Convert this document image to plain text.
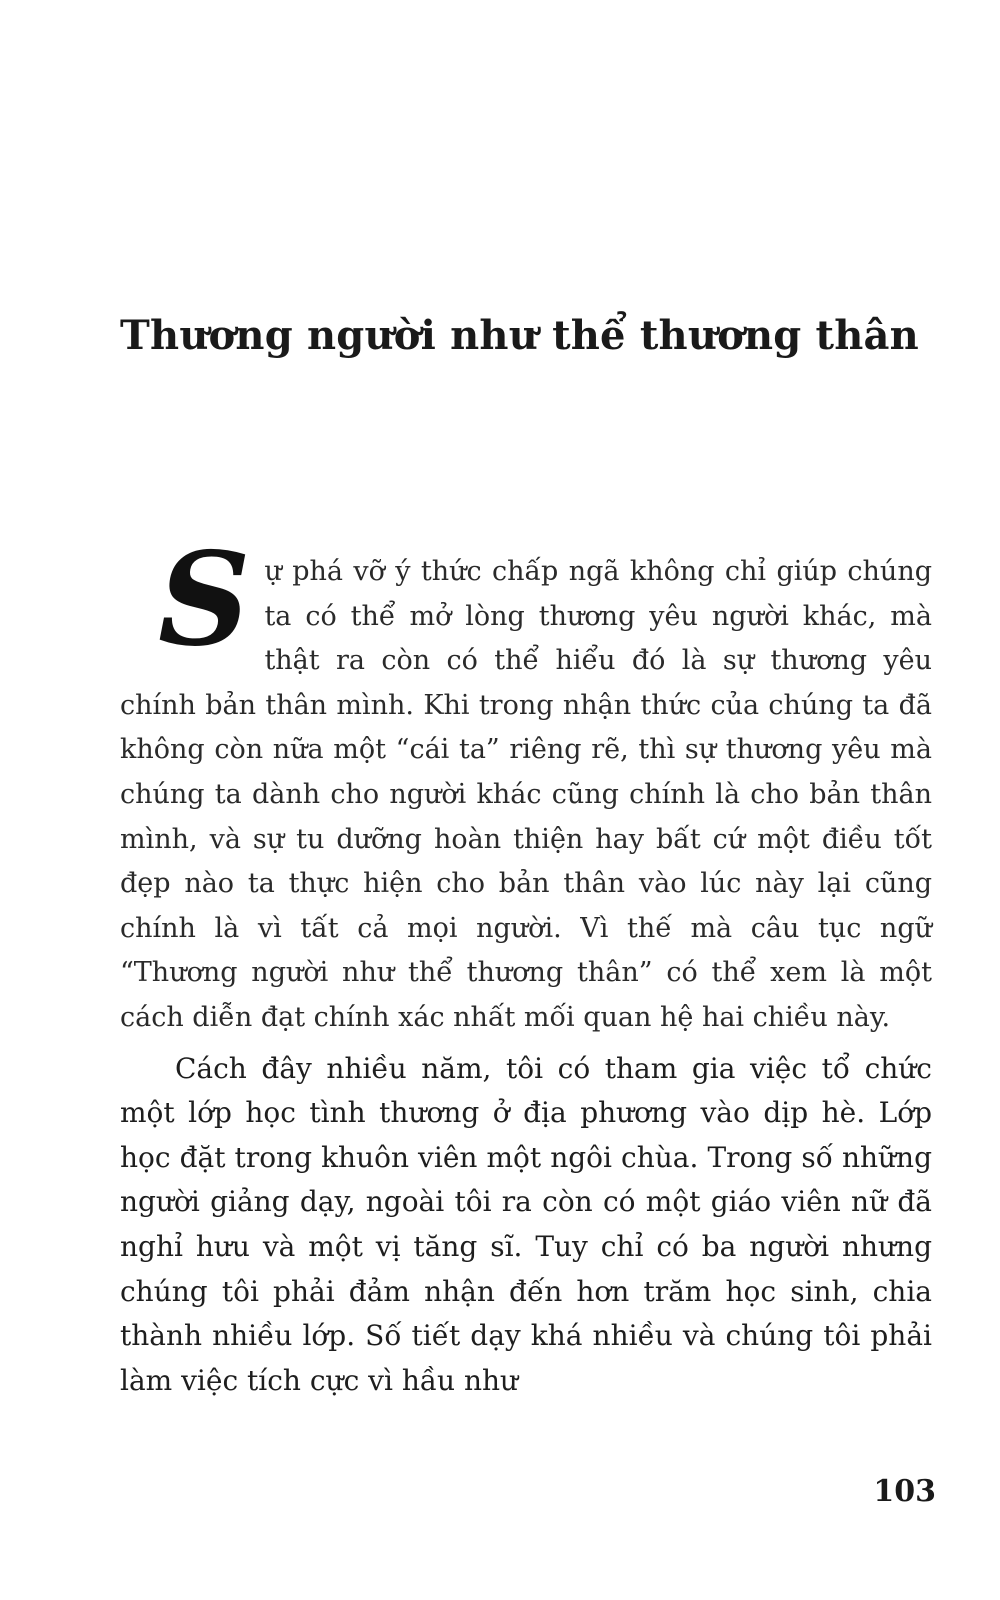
Thương người như thể thương thân

Sự phá vỡ ý thức chấp ngã không chỉ giúp chúng ta có thể mở lòng thương yêu người khác, mà thật ra còn có thể hiểu đó là sự thương yêu chính bản thân mình. Khi trong nhận thức của chúng ta đã không còn nữa một “cái ta” riêng rẽ, thì sự thương yêu mà chúng ta dành cho người khác cũng chính là cho bản thân mình, và sự tu dưỡng hoàn thiện hay bất cứ một điều tốt đẹp nào ta thực hiện cho bản thân vào lúc này lại cũng chính là vì tất cả mọi người. Vì thế mà câu tục ngữ “Thương người như thể thương thân” có thể xem là một cách diễn đạt chính xác nhất mối quan hệ hai chiều này.

Cách đây nhiều năm, tôi có tham gia việc tổ chức một lớp học tình thương ở địa phương vào dịp hè. Lớp học đặt trong khuôn viên một ngôi chùa. Trong số những người giảng dạy, ngoài tôi ra còn có một giáo viên nữ đã nghỉ hưu và một vị tăng sĩ. Tuy chỉ có ba người nhưng chúng tôi phải đảm nhận đến hơn trăm học sinh, chia thành nhiều lớp. Số tiết dạy khá nhiều và chúng tôi phải làm việc tích cực vì hầu như

103
